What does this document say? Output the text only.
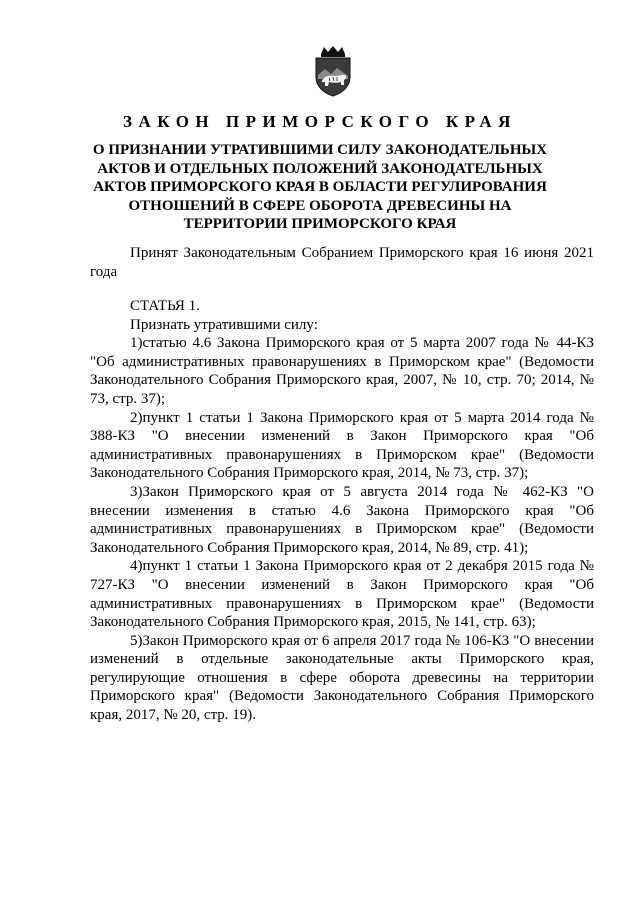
ЗАКОН ПРИМОРСКОГО КРАЯ

О ПРИЗНАНИИ УТРАТИВШИМИ СИЛУ ЗАКОНОДАТЕЛЬНЫХ АКТОВ И ОТДЕЛЬНЫХ ПОЛОЖЕНИЙ ЗАКОНОДАТЕЛЬНЫХ АКТОВ ПРИМОРСКОГО КРАЯ В ОБЛАСТИ РЕГУЛИРОВАНИЯ ОТНОШЕНИЙ В СФЕРЕ ОБОРОТА ДРЕВЕСИНЫ НА ТЕРРИТОРИИ ПРИМОРСКОГО КРАЯ

Принят Законодательным Собранием Приморского края 16 июня 2021 года

СТАТЬЯ 1.

Признать утратившими силу:

1)статью 4.6 Закона Приморского края от 5 марта 2007 года № 44-КЗ "Об административных правонарушениях в Приморском крае" (Ведомости Законодательного Собрания Приморского края, 2007, № 10, стр. 70; 2014, № 73, стр. 37);

2)пункт 1 статьи 1 Закона Приморского края от 5 марта 2014 года № 388-КЗ "О внесении изменений в Закон Приморского края "Об административных правонарушениях в Приморском крае" (Ведомости Законодательного Собрания Приморского края, 2014, № 73, стр. 37);

3)Закон Приморского края от 5 августа 2014 года № 462-КЗ "О внесении изменения в статью 4.6 Закона Приморского края "Об административных правонарушениях в Приморском крае" (Ведомости Законодательного Собрания Приморского края, 2014, № 89, стр. 41);

4)пункт 1 статьи 1 Закона Приморского края от 2 декабря 2015 года № 727-КЗ "О внесении изменений в Закон Приморского края "Об административных правонарушениях в Приморском крае" (Ведомости Законодательного Собрания Приморского края, 2015, № 141, стр. 63);

5)Закон Приморского края от 6 апреля 2017 года № 106-КЗ "О внесении изменений в отдельные законодательные акты Приморского края, регулирующие отношения в сфере оборота древесины на территории Приморского края" (Ведомости Законодательного Собрания Приморского края, 2017, № 20, стр. 19).
